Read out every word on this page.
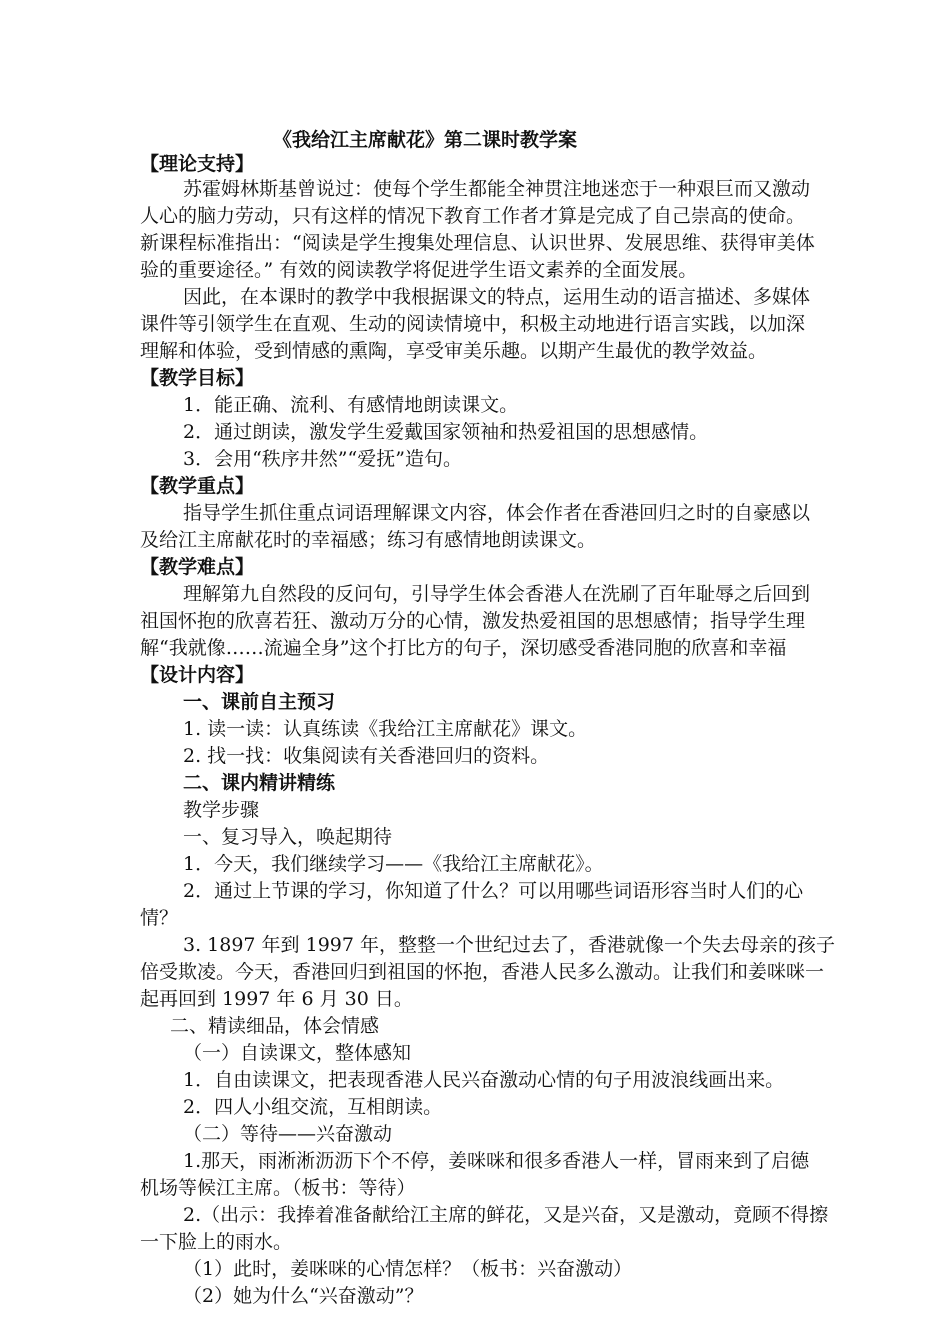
《我给江主席献花》第二课时教学案
【理论支持】
苏霍姆林斯基曾说过：使每个学生都能全神贯注地迷恋于一种艰巨而又激动
人心的脑力劳动，只有这样的情况下教育工作者才算是完成了自己崇高的使命。
新课程标准指出：“阅读是学生搜集处理信息、认识世界、发展思维、获得审美体
验的重要途径。” 有效的阅读教学将促进学生语文素养的全面发展。
因此，在本课时的教学中我根据课文的特点，运用生动的语言描述、多媒体
课件等引领学生在直观、生动的阅读情境中，积极主动地进行语言实践，以加深
理解和体验，受到情感的熏陶，享受审美乐趣。以期产生最优的教学效益。
【教学目标】
1．能正确、流利、有感情地朗读课文。
2．通过朗读，激发学生爱戴国家领袖和热爱祖国的思想感情。
3．会用“秩序井然”“爱抚”造句。
【教学重点】
指导学生抓住重点词语理解课文内容，体会作者在香港回归之时的自豪感以
及给江主席献花时的幸福感；练习有感情地朗读课文。
【教学难点】
理解第九自然段的反问句，引导学生体会香港人在洗刷了百年耻辱之后回到
祖国怀抱的欣喜若狂、激动万分的心情，激发热爱祖国的思想感情；指导学生理
解“我就像……流遍全身”这个打比方的句子，深切感受香港同胞的欣喜和幸福
【设计内容】
一、课前自主预习
1. 读一读：认真练读《我给江主席献花》课文。
2. 找一找：收集阅读有关香港回归的资料。
二、课内精讲精练
教学步骤
一、复习导入，唤起期待
1．今天，我们继续学习——《我给江主席献花》。
2．通过上节课的学习，你知道了什么？可以用哪些词语形容当时人们的心
情？
3. 1897 年到 1997 年，整整一个世纪过去了，香港就像一个失去母亲的孩子
倍受欺凌。今天，香港回归到祖国的怀抱，香港人民多么激动。让我们和姜咪咪一
起再回到 1997 年 6 月 30 日。
二、精读细品，体会情感
（一）自读课文，整体感知
1．自由读课文，把表现香港人民兴奋激动心情的句子用波浪线画出来。
2．四人小组交流，互相朗读。
（二）等待——兴奋激动
1.那天，雨淅淅沥沥下个不停，姜咪咪和很多香港人一样，冒雨来到了启德
机场等候江主席。（板书：等待）
2.（出示：我捧着准备献给江主席的鲜花，又是兴奋，又是激动，竟顾不得擦
一下脸上的雨水。
（1）此时，姜咪咪的心情怎样？（板书：兴奋激动）
（2）她为什么“兴奋激动”？
